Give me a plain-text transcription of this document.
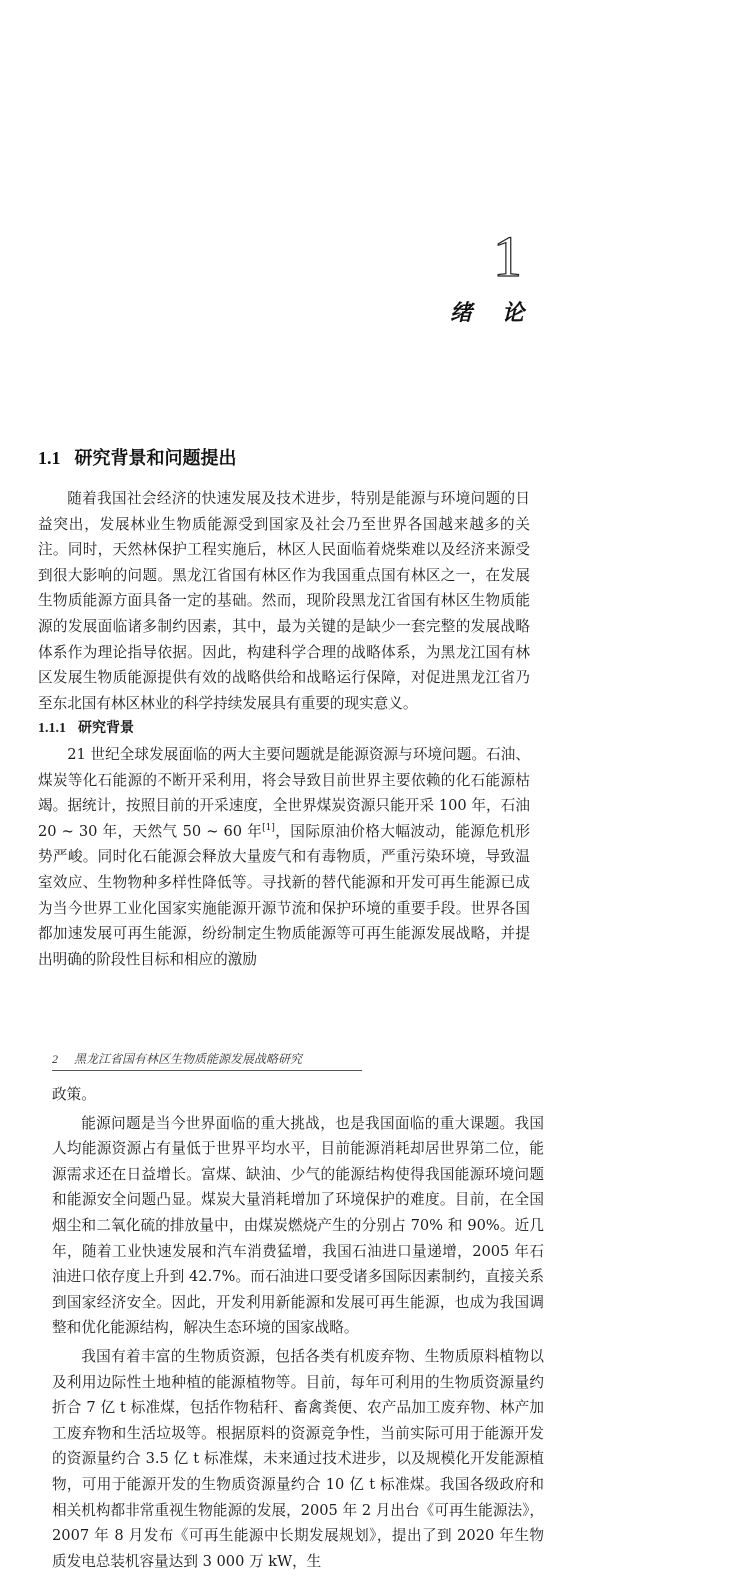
1
绪论
1.1 研究背景和问题提出

随着我国社会经济的快速发展及技术进步，特别是能源与环境问题的日益突出，发展林业生物质能源受到国家及社会乃至世界各国越来越多的关注。同时，天然林保护工程实施后，林区人民面临着烧柴难以及经济来源受到很大影响的问题。黑龙江省国有林区作为我国重点国有林区之一，在发展生物质能源方面具备一定的基础。然而，现阶段黑龙江省国有林区生物质能源的发展面临诸多制约因素，其中，最为关键的是缺少一套完整的发展战略体系作为理论指导依据。因此，构建科学合理的战略体系，为黑龙江国有林区发展生物质能源提供有效的战略供给和战略运行保障，对促进黑龙江省乃至东北国有林区林业的科学持续发展具有重要的现实意义。

1.1.1 研究背景

21 世纪全球发展面临的两大主要问题就是能源资源与环境问题。石油、煤炭等化石能源的不断开采利用，将会导致目前世界主要依赖的化石能源枯竭。据统计，按照目前的开采速度，全世界煤炭资源只能开采 100 年，石油 20 ~ 30 年，天然气 50 ~ 60 年[1]，国际原油价格大幅波动，能源危机形势严峻。同时化石能源会释放大量废气和有毒物质，严重污染环境，导致温室效应、生物物种多样性降低等。寻找新的替代能源和开发可再生能源已成为当今世界工业化国家实施能源开源节流和保护环境的重要手段。世界各国都加速发展可再生能源，纷纷制定生物质能源等可再生能源发展战略，并提出明确的阶段性目标和相应的激励

2 黑龙江省国有林区生物质能源发展战略研究

政策。

能源问题是当今世界面临的重大挑战，也是我国面临的重大课题。我国人均能源资源占有量低于世界平均水平，目前能源消耗却居世界第二位，能源需求还在日益增长。富煤、缺油、少气的能源结构使得我国能源环境问题和能源安全问题凸显。煤炭大量消耗增加了环境保护的难度。目前，在全国烟尘和二氧化硫的排放量中，由煤炭燃烧产生的分别占 70% 和 90%。近几年，随着工业快速发展和汽车消费猛增，我国石油进口量递增，2005 年石油进口依存度上升到 42.7%。而石油进口要受诸多国际因素制约，直接关系到国家经济安全。因此，开发利用新能源和发展可再生能源，也成为我国调整和优化能源结构，解决生态环境的国家战略。

我国有着丰富的生物质资源，包括各类有机废弃物、生物质原料植物以及利用边际性土地种植的能源植物等。目前，每年可利用的生物质资源量约折合 7 亿 t 标准煤，包括作物秸秆、畜禽粪便、农产品加工废弃物、林产加工废弃物和生活垃圾等。根据原料的资源竞争性，当前实际可用于能源开发的资源量约合 3.5 亿 t 标准煤，未来通过技术进步，以及规模化开发能源植物，可用于能源开发的生物质资源量约合 10 亿 t 标准煤。我国各级政府和相关机构都非常重视生物能源的发展，2005 年 2 月出台《可再生能源法》，2007 年 8 月发布《可再生能源中长期发展规划》，提出了到 2020 年生物质发电总装机容量达到 3 000 万 kW，生
